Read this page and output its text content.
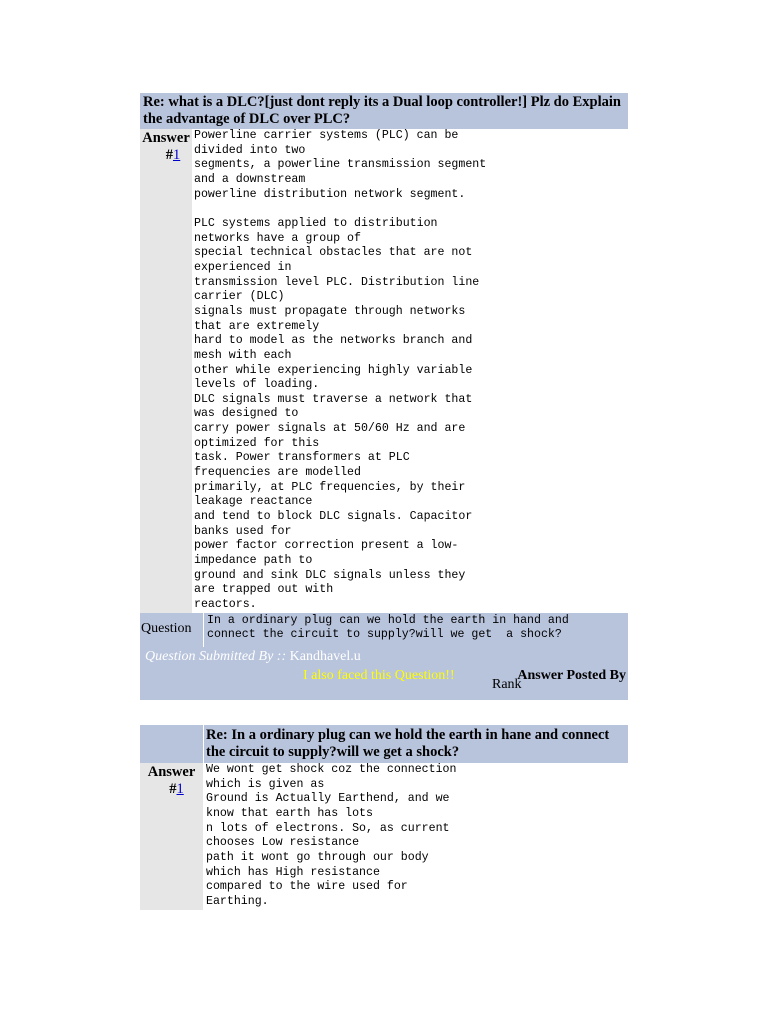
Re: what is a DLC?[just dont reply its a Dual loop controller!] Plz do Explain the advantage of DLC over PLC?
Answer
#1
Powerline carrier systems (PLC) can be
divided into two
segments, a powerline transmission segment
and a downstream
powerline distribution network segment.

PLC systems applied to distribution
networks have a group of
special technical obstacles that are not
experienced in
transmission level PLC. Distribution line
carrier (DLC)
signals must propagate through networks
that are extremely
hard to model as the networks branch and
mesh with each
other while experiencing highly variable
levels of loading.
DLC signals must traverse a network that
was designed to
carry power signals at 50/60 Hz and are
optimized for this
task. Power transformers at PLC
frequencies are modelled
primarily, at PLC frequencies, by their
leakage reactance
and tend to block DLC signals. Capacitor
banks used for
power factor correction present a low-
impedance path to
ground and sink DLC signals unless they
are trapped out with
reactors.
Question
In a ordinary plug can we hold the earth in hand and
connect the circuit to supply?will we get  a shock?
Question Submitted By :: Kandhavel.u
I also faced this Question!!
Rank
Answer Posted By
Re: In a ordinary plug can we hold the earth in hane and connect the circuit to supply?will we get a shock?
Answer
#1
We wont get shock coz the connection
which is given as
Ground is Actually Earthend, and we
know that earth has lots
n lots of electrons. So, as current
chooses Low resistance
path it wont go through our body
which has High resistance
compared to the wire used for
Earthing.
